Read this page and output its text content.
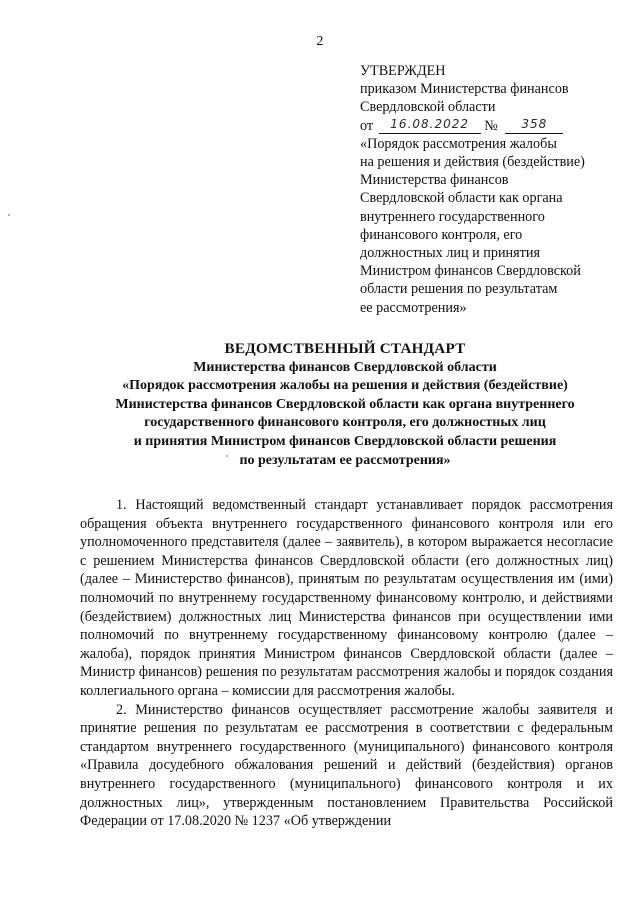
2
УТВЕРЖДЕН
приказом Министерства финансов
Свердловской области
от 16.08.2022 № 358
«Порядок рассмотрения жалобы
на решения и действия (бездействие)
Министерства финансов
Свердловской области как органа
внутреннего государственного
финансового контроля, его
должностных лиц и принятия
Министром финансов Свердловской
области решения по результатам
ее рассмотрения»
ВЕДОМСТВЕННЫЙ СТАНДАРТ
Министерства финансов Свердловской области
«Порядок рассмотрения жалобы на решения и действия (бездействие)
Министерства финансов Свердловской области как органа внутреннего
государственного финансового контроля, его должностных лиц
и принятия Министром финансов Свердловской области решения
по результатам ее рассмотрения»

1. Настоящий ведомственный стандарт устанавливает порядок рассмотрения обращения объекта внутреннего государственного финансового контроля или его уполномоченного представителя (далее – заявитель), в котором выражается несогласие с решением Министерства финансов Свердловской области (его должностных лиц) (далее – Министерство финансов), принятым по результатам осуществления им (ими) полномочий по внутреннему государственному финансовому контролю, и действиями (бездействием) должностных лиц Министерства финансов при осуществлении ими полномочий по внутреннему государственному финансовому контролю (далее – жалоба), порядок принятия Министром финансов Свердловской области (далее – Министр финансов) решения по результатам рассмотрения жалобы и порядок создания коллегиального органа – комиссии для рассмотрения жалобы.

2. Министерство финансов осуществляет рассмотрение жалобы заявителя и принятие решения по результатам ее рассмотрения в соответствии с федеральным стандартом внутреннего государственного (муниципального) финансового контроля «Правила досудебного обжалования решений и действий (бездействия) органов внутреннего государственного (муниципального) финансового контроля и их должностных лиц», утвержденным постановлением Правительства Российской Федерации от 17.08.2020 № 1237 «Об утверждении
